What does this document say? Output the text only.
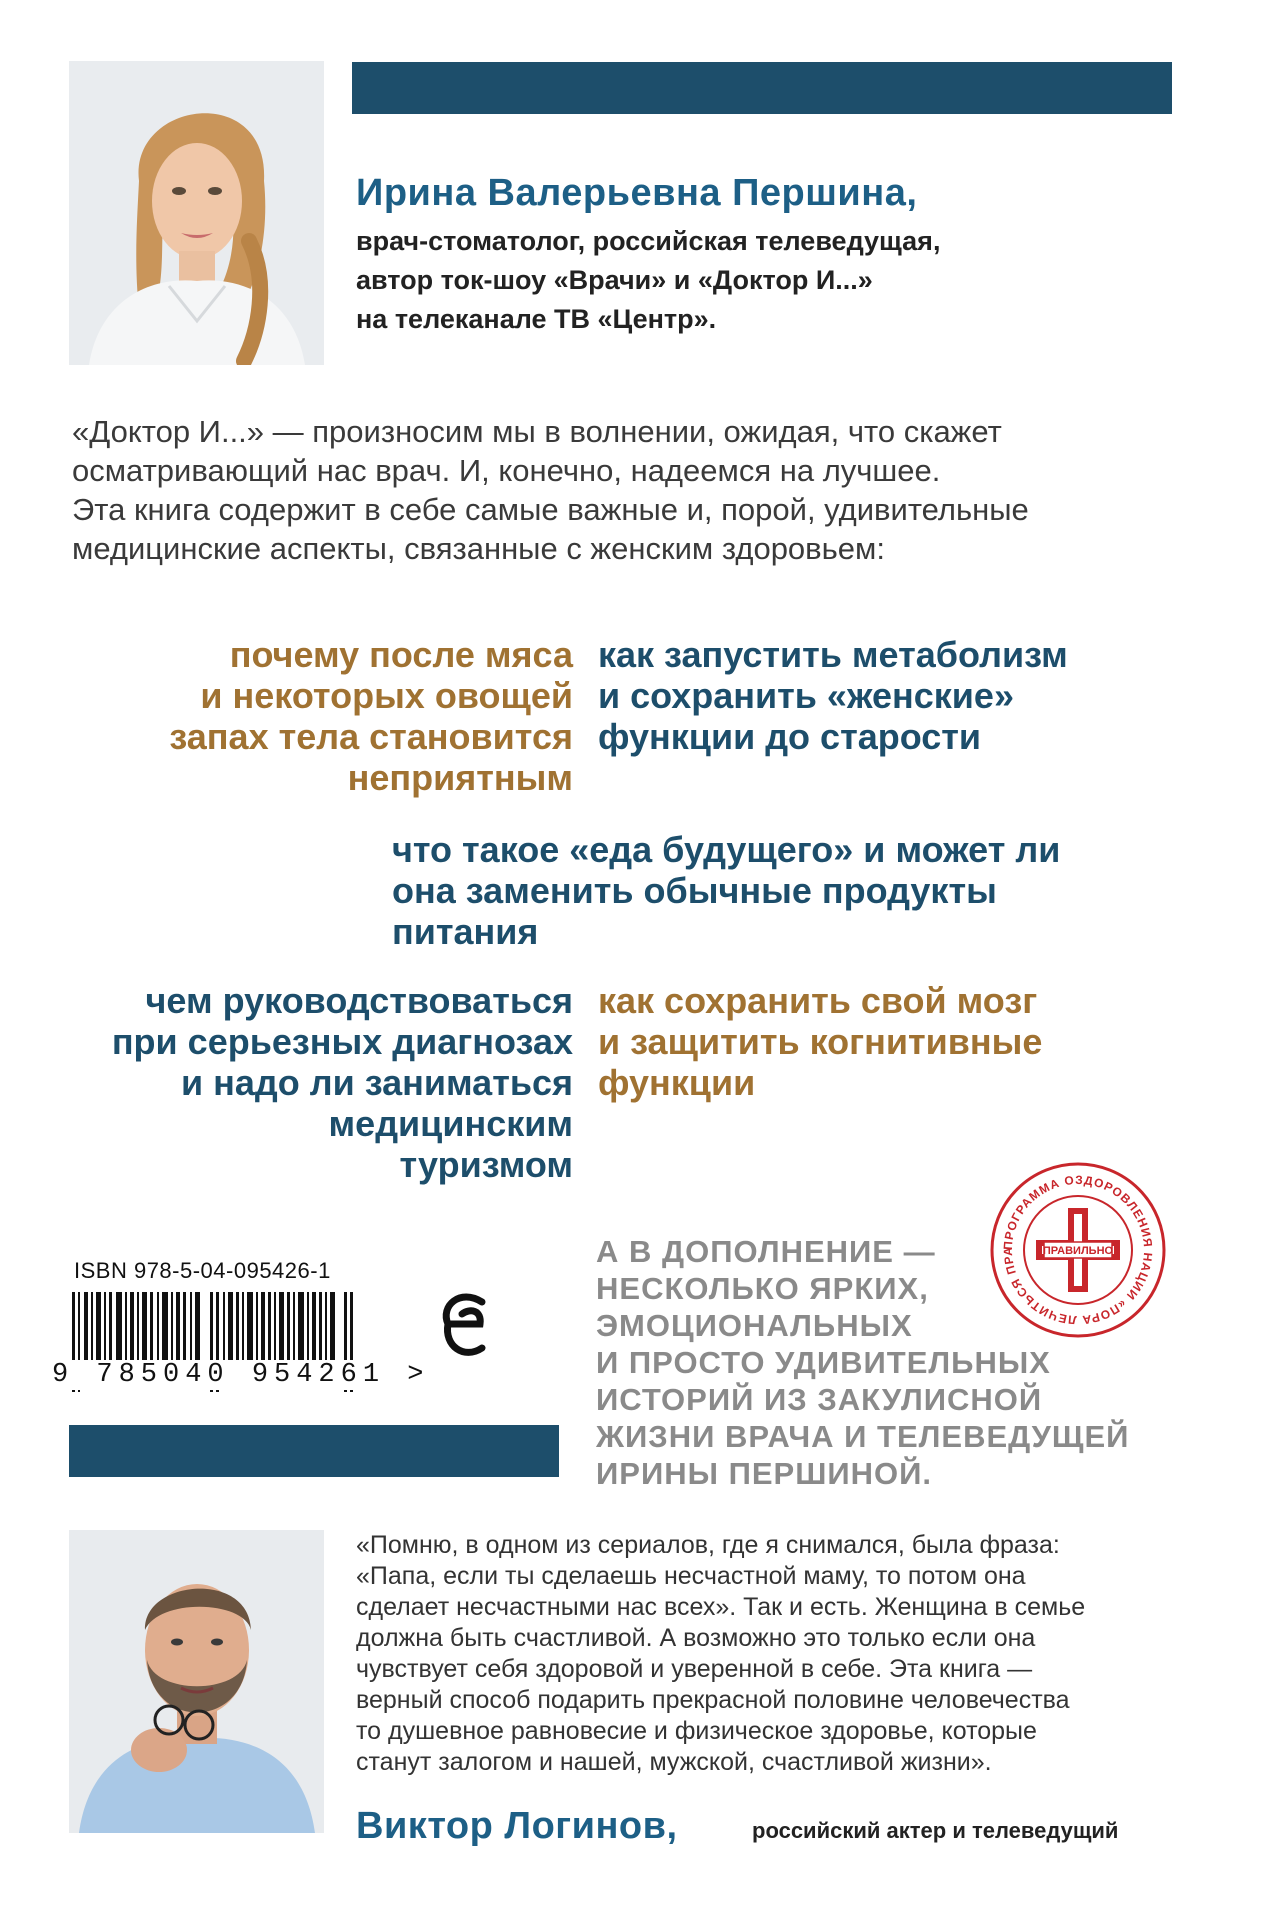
Ирина Валерьевна Першина,
врач-стоматолог, российская телеведущая,
автор ток-шоу «Врачи» и «Доктор И...»
на телеканале ТВ «Центр».
«Доктор И...» — произносим мы в волнении, ожидая, что скажет
осматривающий нас врач. И, конечно, надеемся на лучшее.
Эта книга содержит в себе самые важные и, порой, удивительные
медицинские аспекты, связанные с женским здоровьем:
почему после мяса
и некоторых овощей
запах тела становится
неприятным
как запустить метаболизм
и сохранить «женские»
функции до старости
что такое «еда будущего» и может ли
она заменить обычные продукты
питания
чем руководствоваться
при серьезных диагнозах
и надо ли заниматься
медицинским
туризмом
как сохранить свой мозг
и защитить когнитивные
функции
ПРОГРАММА ОЗДОРОВЛЕНИЯ НАЦИИ «ПОРА ЛЕЧИТЬСЯ ПРА	ПРАВИЛЬНО
ISBN 978-5-04-095426-1
9 785040 954261 >
А В ДОПОЛНЕНИЕ —
НЕСКОЛЬКО ЯРКИХ,
ЭМОЦИОНАЛЬНЫХ
И ПРОСТО УДИВИТЕЛЬНЫХ
ИСТОРИЙ ИЗ ЗАКУЛИСНОЙ
ЖИЗНИ ВРАЧА И ТЕЛЕВЕДУЩЕЙ
ИРИНЫ ПЕРШИНОЙ.
«Помню, в одном из сериалов, где я снимался, была фраза:
«Папа, если ты сделаешь несчастной маму, то потом она
сделает несчастными нас всех». Так и есть. Женщина в семье
должна быть счастливой. А возможно это только если она
чувствует себя здоровой и уверенной в себе. Эта книга —
верный способ подарить прекрасной половине человечества
то душевное равновесие и физическое здоровье, которые
станут залогом и нашей, мужской, счастливой жизни».
Виктор Логинов,	российский актер и телеведущий
